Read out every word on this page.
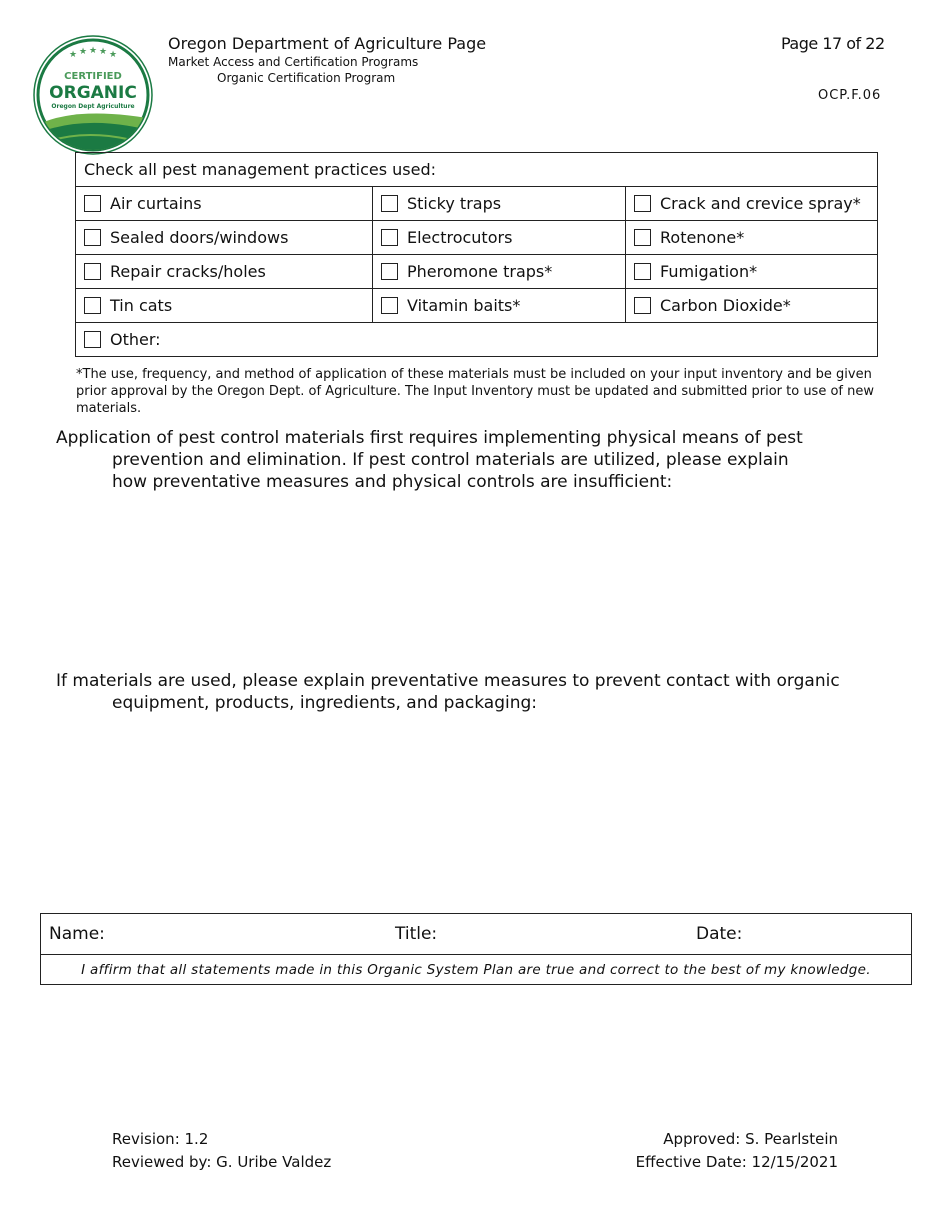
★ ★ ★ ★ ★
CERTIFIED
ORGANIC
Oregon Dept Agriculture
Oregon Department of Agriculture Page
Market Access and Certification Programs
Organic Certification Program
Page 17 of 22
OCP.F.06
Check all pest management practices used:		
Air curtains	Sticky traps	Crack and crevice spray*
Sealed doors/windows	Electrocutors	Rotenone*
Repair cracks/holes	Pheromone traps*	Fumigation*
Tin cats	Vitamin baits*	Carbon Dioxide*
Other:		
*The use, frequency, and method of application of these materials must be included on your input inventory and be given prior approval by the Oregon Dept. of Agriculture. The Input Inventory must be updated and submitted prior to use of new materials.
Application of pest control materials first requires implementing physical means of pest
prevention and elimination. If pest control materials are utilized, please explain
how preventative measures and physical controls are insufficient:
If materials are used, please explain preventative measures to prevent contact with organic
equipment, products, ingredients, and packaging:
Name:	Title:	Date:
I affirm that all statements made in this Organic System Plan are true and correct to the best of my knowledge.
Revision: 1.2
Reviewed by: G. Uribe Valdez
Approved: S. Pearlstein
Effective Date: 12/15/2021
